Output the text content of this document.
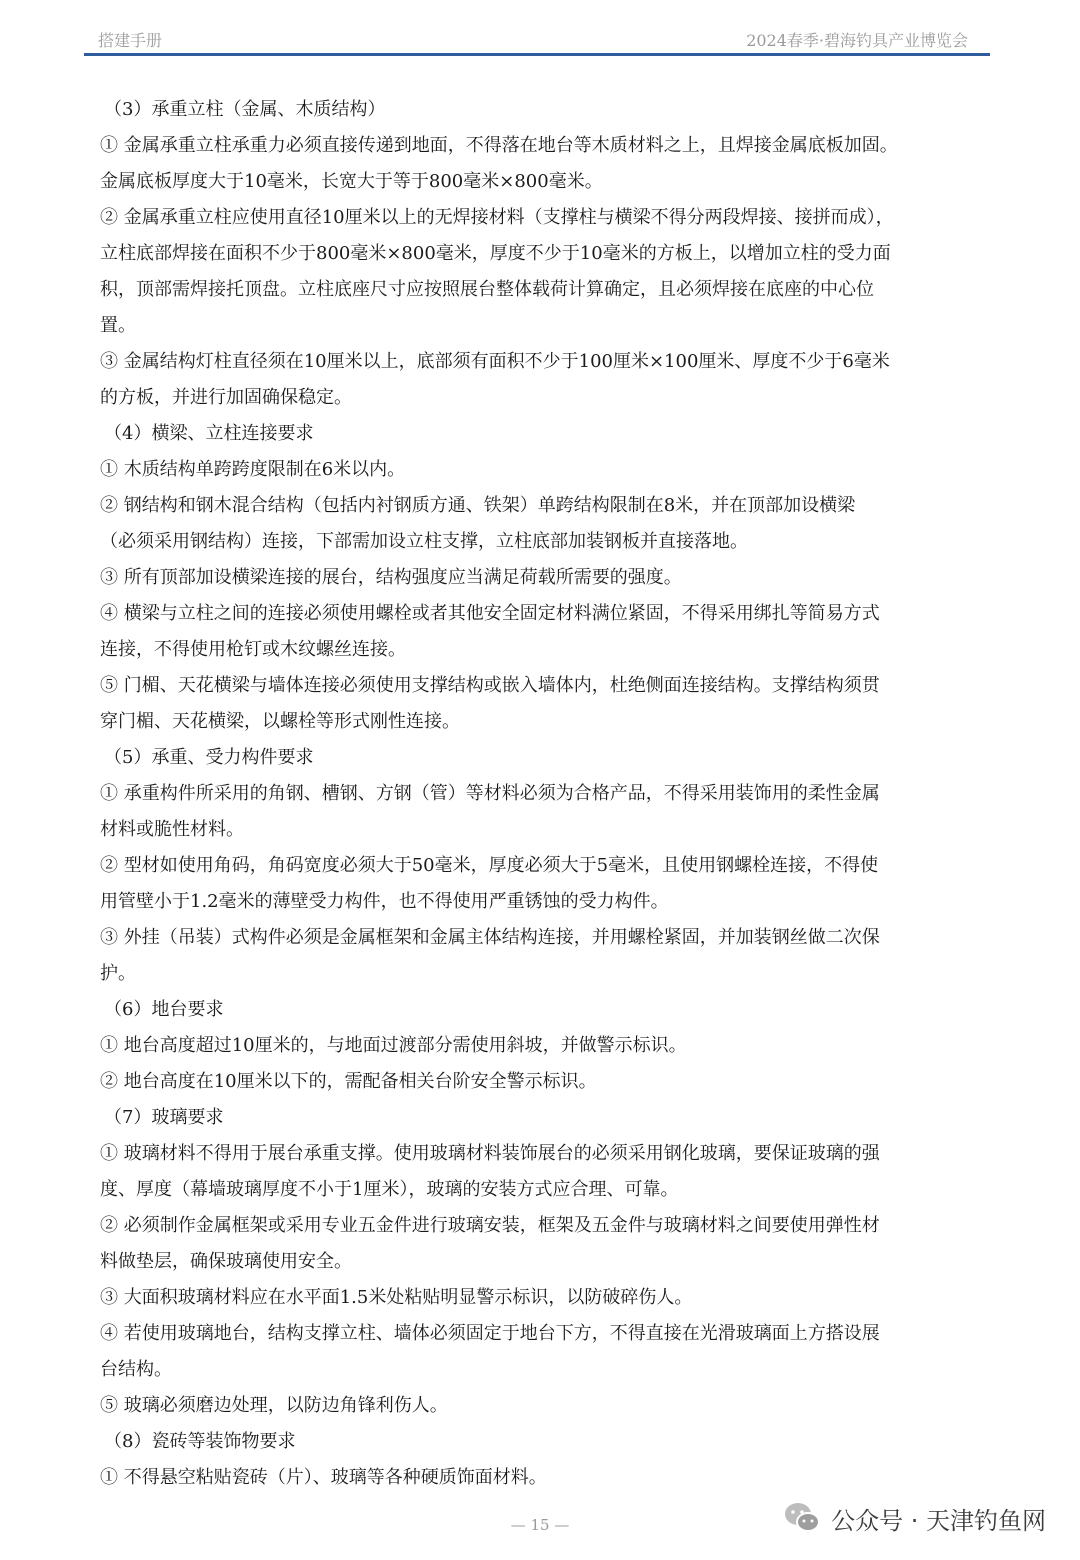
搭建手册	2024春季·碧海钓具产业博览会
（3）承重立柱（金属、木质结构）
① 金属承重立柱承重力必须直接传递到地面，不得落在地台等木质材料之上，且焊接金属底板加固。
金属底板厚度大于10毫米，长宽大于等于800毫米×800毫米。
② 金属承重立柱应使用直径10厘米以上的无焊接材料（支撑柱与横梁不得分两段焊接、接拼而成），
立柱底部焊接在面积不少于800毫米×800毫米，厚度不少于10毫米的方板上，以增加立柱的受力面
积，顶部需焊接托顶盘。立柱底座尺寸应按照展台整体载荷计算确定，且必须焊接在底座的中心位
置。
③ 金属结构灯柱直径须在10厘米以上，底部须有面积不少于100厘米×100厘米、厚度不少于6毫米
的方板，并进行加固确保稳定。
（4）横梁、立柱连接要求
① 木质结构单跨跨度限制在6米以内。
② 钢结构和钢木混合结构（包括内衬钢质方通、铁架）单跨结构限制在8米，并在顶部加设横梁
（必须采用钢结构）连接，下部需加设立柱支撑，立柱底部加装钢板并直接落地。
③ 所有顶部加设横梁连接的展台，结构强度应当满足荷载所需要的强度。
④ 横梁与立柱之间的连接必须使用螺栓或者其他安全固定材料满位紧固，不得采用绑扎等简易方式
连接，不得使用枪钉或木纹螺丝连接。
⑤ 门楣、天花横梁与墙体连接必须使用支撑结构或嵌入墙体内，杜绝侧面连接结构。支撑结构须贯
穿门楣、天花横梁，以螺栓等形式刚性连接。
（5）承重、受力构件要求
① 承重构件所采用的角钢、槽钢、方钢（管）等材料必须为合格产品，不得采用装饰用的柔性金属
材料或脆性材料。
② 型材如使用角码，角码宽度必须大于50毫米，厚度必须大于5毫米，且使用钢螺栓连接，不得使
用管壁小于1.2毫米的薄壁受力构件，也不得使用严重锈蚀的受力构件。
③ 外挂（吊装）式构件必须是金属框架和金属主体结构连接，并用螺栓紧固，并加装钢丝做二次保
护。
（6）地台要求
① 地台高度超过10厘米的，与地面过渡部分需使用斜坡，并做警示标识。
② 地台高度在10厘米以下的，需配备相关台阶安全警示标识。
（7）玻璃要求
① 玻璃材料不得用于展台承重支撑。使用玻璃材料装饰展台的必须采用钢化玻璃，要保证玻璃的强
度、厚度（幕墙玻璃厚度不小于1厘米），玻璃的安装方式应合理、可靠。
② 必须制作金属框架或采用专业五金件进行玻璃安装，框架及五金件与玻璃材料之间要使用弹性材
料做垫层，确保玻璃使用安全。
③ 大面积玻璃材料应在水平面1.5米处粘贴明显警示标识，以防破碎伤人。
④ 若使用玻璃地台，结构支撑立柱、墙体必须固定于地台下方，不得直接在光滑玻璃面上方搭设展
台结构。
⑤ 玻璃必须磨边处理，以防边角锋利伤人。
（8）瓷砖等装饰物要求
① 不得悬空粘贴瓷砖（片）、玻璃等各种硬质饰面材料。
— 15 —	公众号 · 天津钓鱼网
